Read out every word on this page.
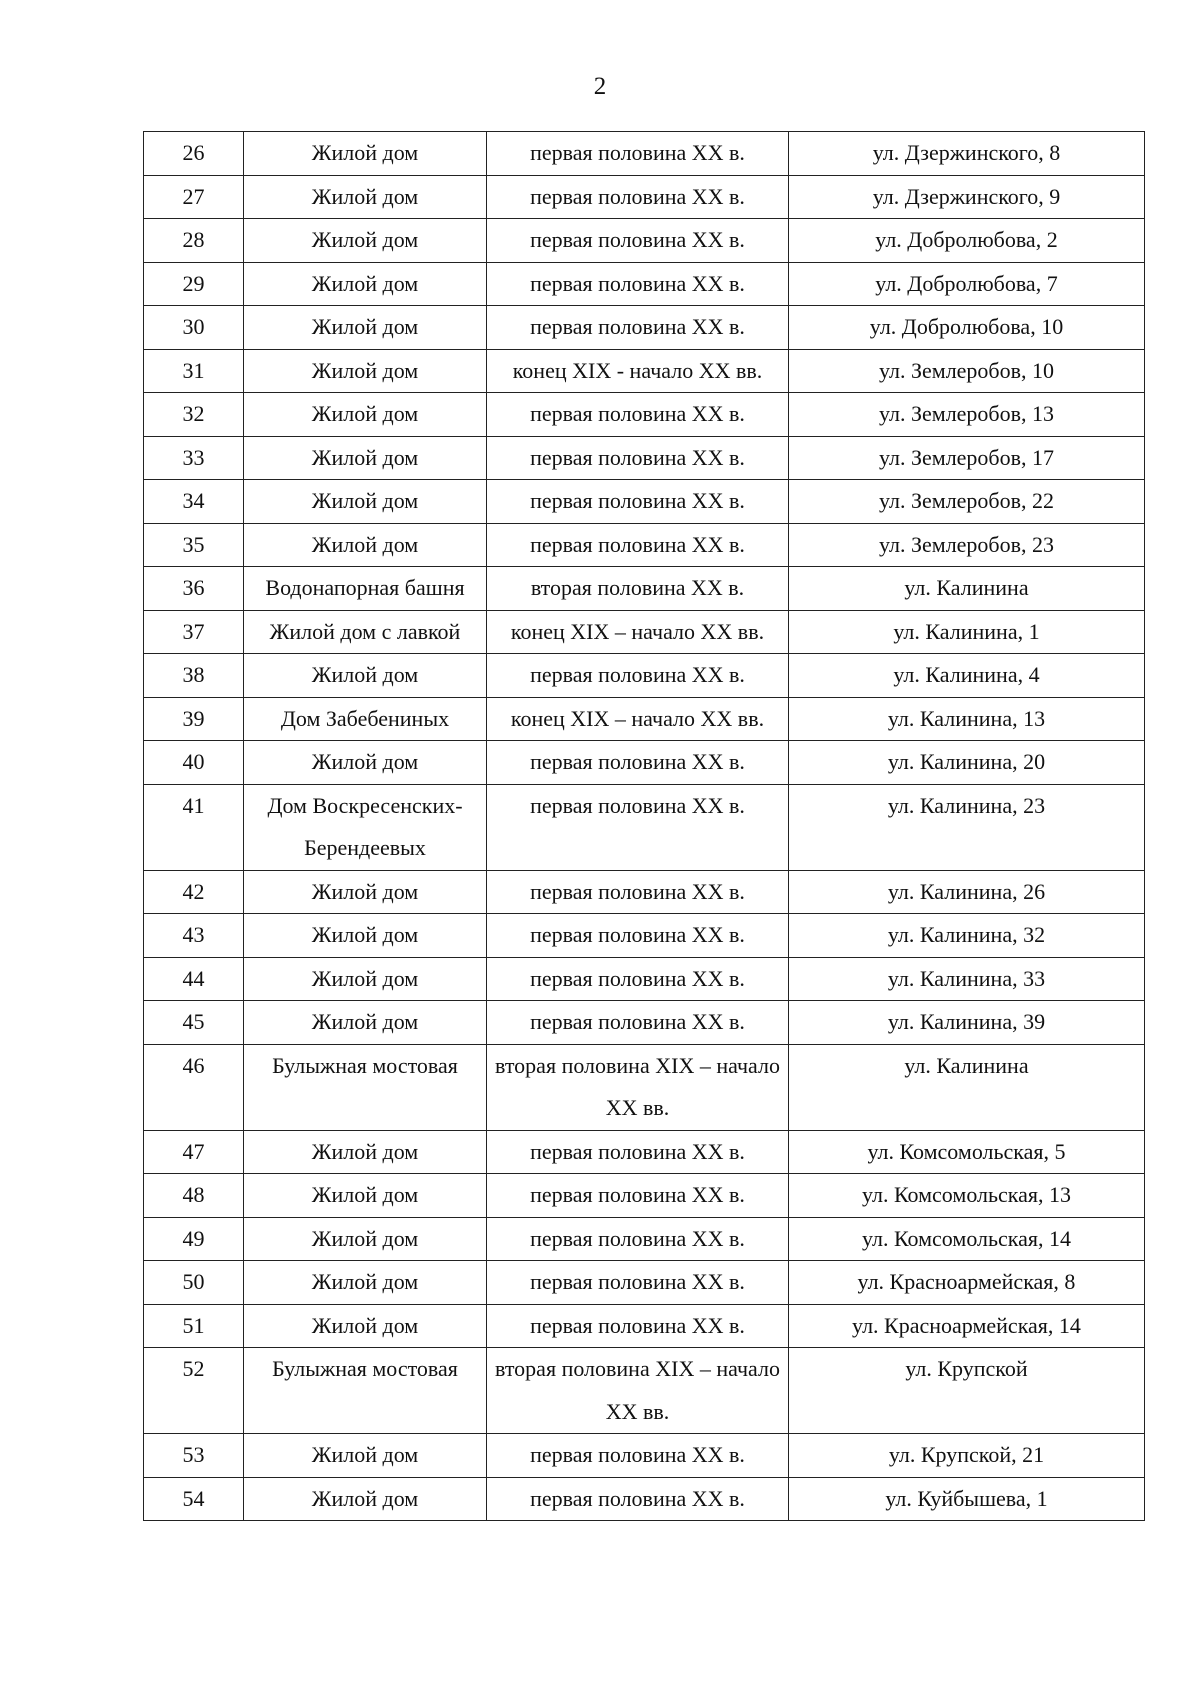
2
26	Жилой дом	первая половина XX в.	ул. Дзержинского, 8
27	Жилой дом	первая половина XX в.	ул. Дзержинского, 9
28	Жилой дом	первая половина XX в.	ул. Добролюбова, 2
29	Жилой дом	первая половина XX в.	ул. Добролюбова, 7
30	Жилой дом	первая половина XX в.	ул. Добролюбова, 10
31	Жилой дом	конец XIX - начало XX вв.	ул. Землеробов, 10
32	Жилой дом	первая половина XX в.	ул. Землеробов, 13
33	Жилой дом	первая половина XX в.	ул. Землеробов, 17
34	Жилой дом	первая половина XX в.	ул. Землеробов, 22
35	Жилой дом	первая половина XX в.	ул. Землеробов, 23
36	Водонапорная башня	вторая половина XX в.	ул. Калинина
37	Жилой дом с лавкой	конец XIX – начало XX вв.	ул. Калинина, 1
38	Жилой дом	первая половина XX в.	ул. Калинина, 4
39	Дом Забебениных	конец XIX – начало XX вв.	ул. Калинина, 13
40	Жилой дом	первая половина XX в.	ул. Калинина, 20
41	Дом Воскресенских-Берендеевых	первая половина XX в.	ул. Калинина, 23
42	Жилой дом	первая половина XX в.	ул. Калинина, 26
43	Жилой дом	первая половина XX в.	ул. Калинина, 32
44	Жилой дом	первая половина XX в.	ул. Калинина, 33
45	Жилой дом	первая половина XX в.	ул. Калинина, 39
46	Булыжная мостовая	вторая половина XIX – начало XX вв.	ул. Калинина
47	Жилой дом	первая половина XX в.	ул. Комсомольская, 5
48	Жилой дом	первая половина XX в.	ул. Комсомольская, 13
49	Жилой дом	первая половина XX в.	ул. Комсомольская, 14
50	Жилой дом	первая половина XX в.	ул. Красноармейская, 8
51	Жилой дом	первая половина XX в.	ул. Красноармейская, 14
52	Булыжная мостовая	вторая половина XIX – начало XX вв.	ул. Крупской
53	Жилой дом	первая половина XX в.	ул. Крупской, 21
54	Жилой дом	первая половина XX в.	ул. Куйбышева, 1
